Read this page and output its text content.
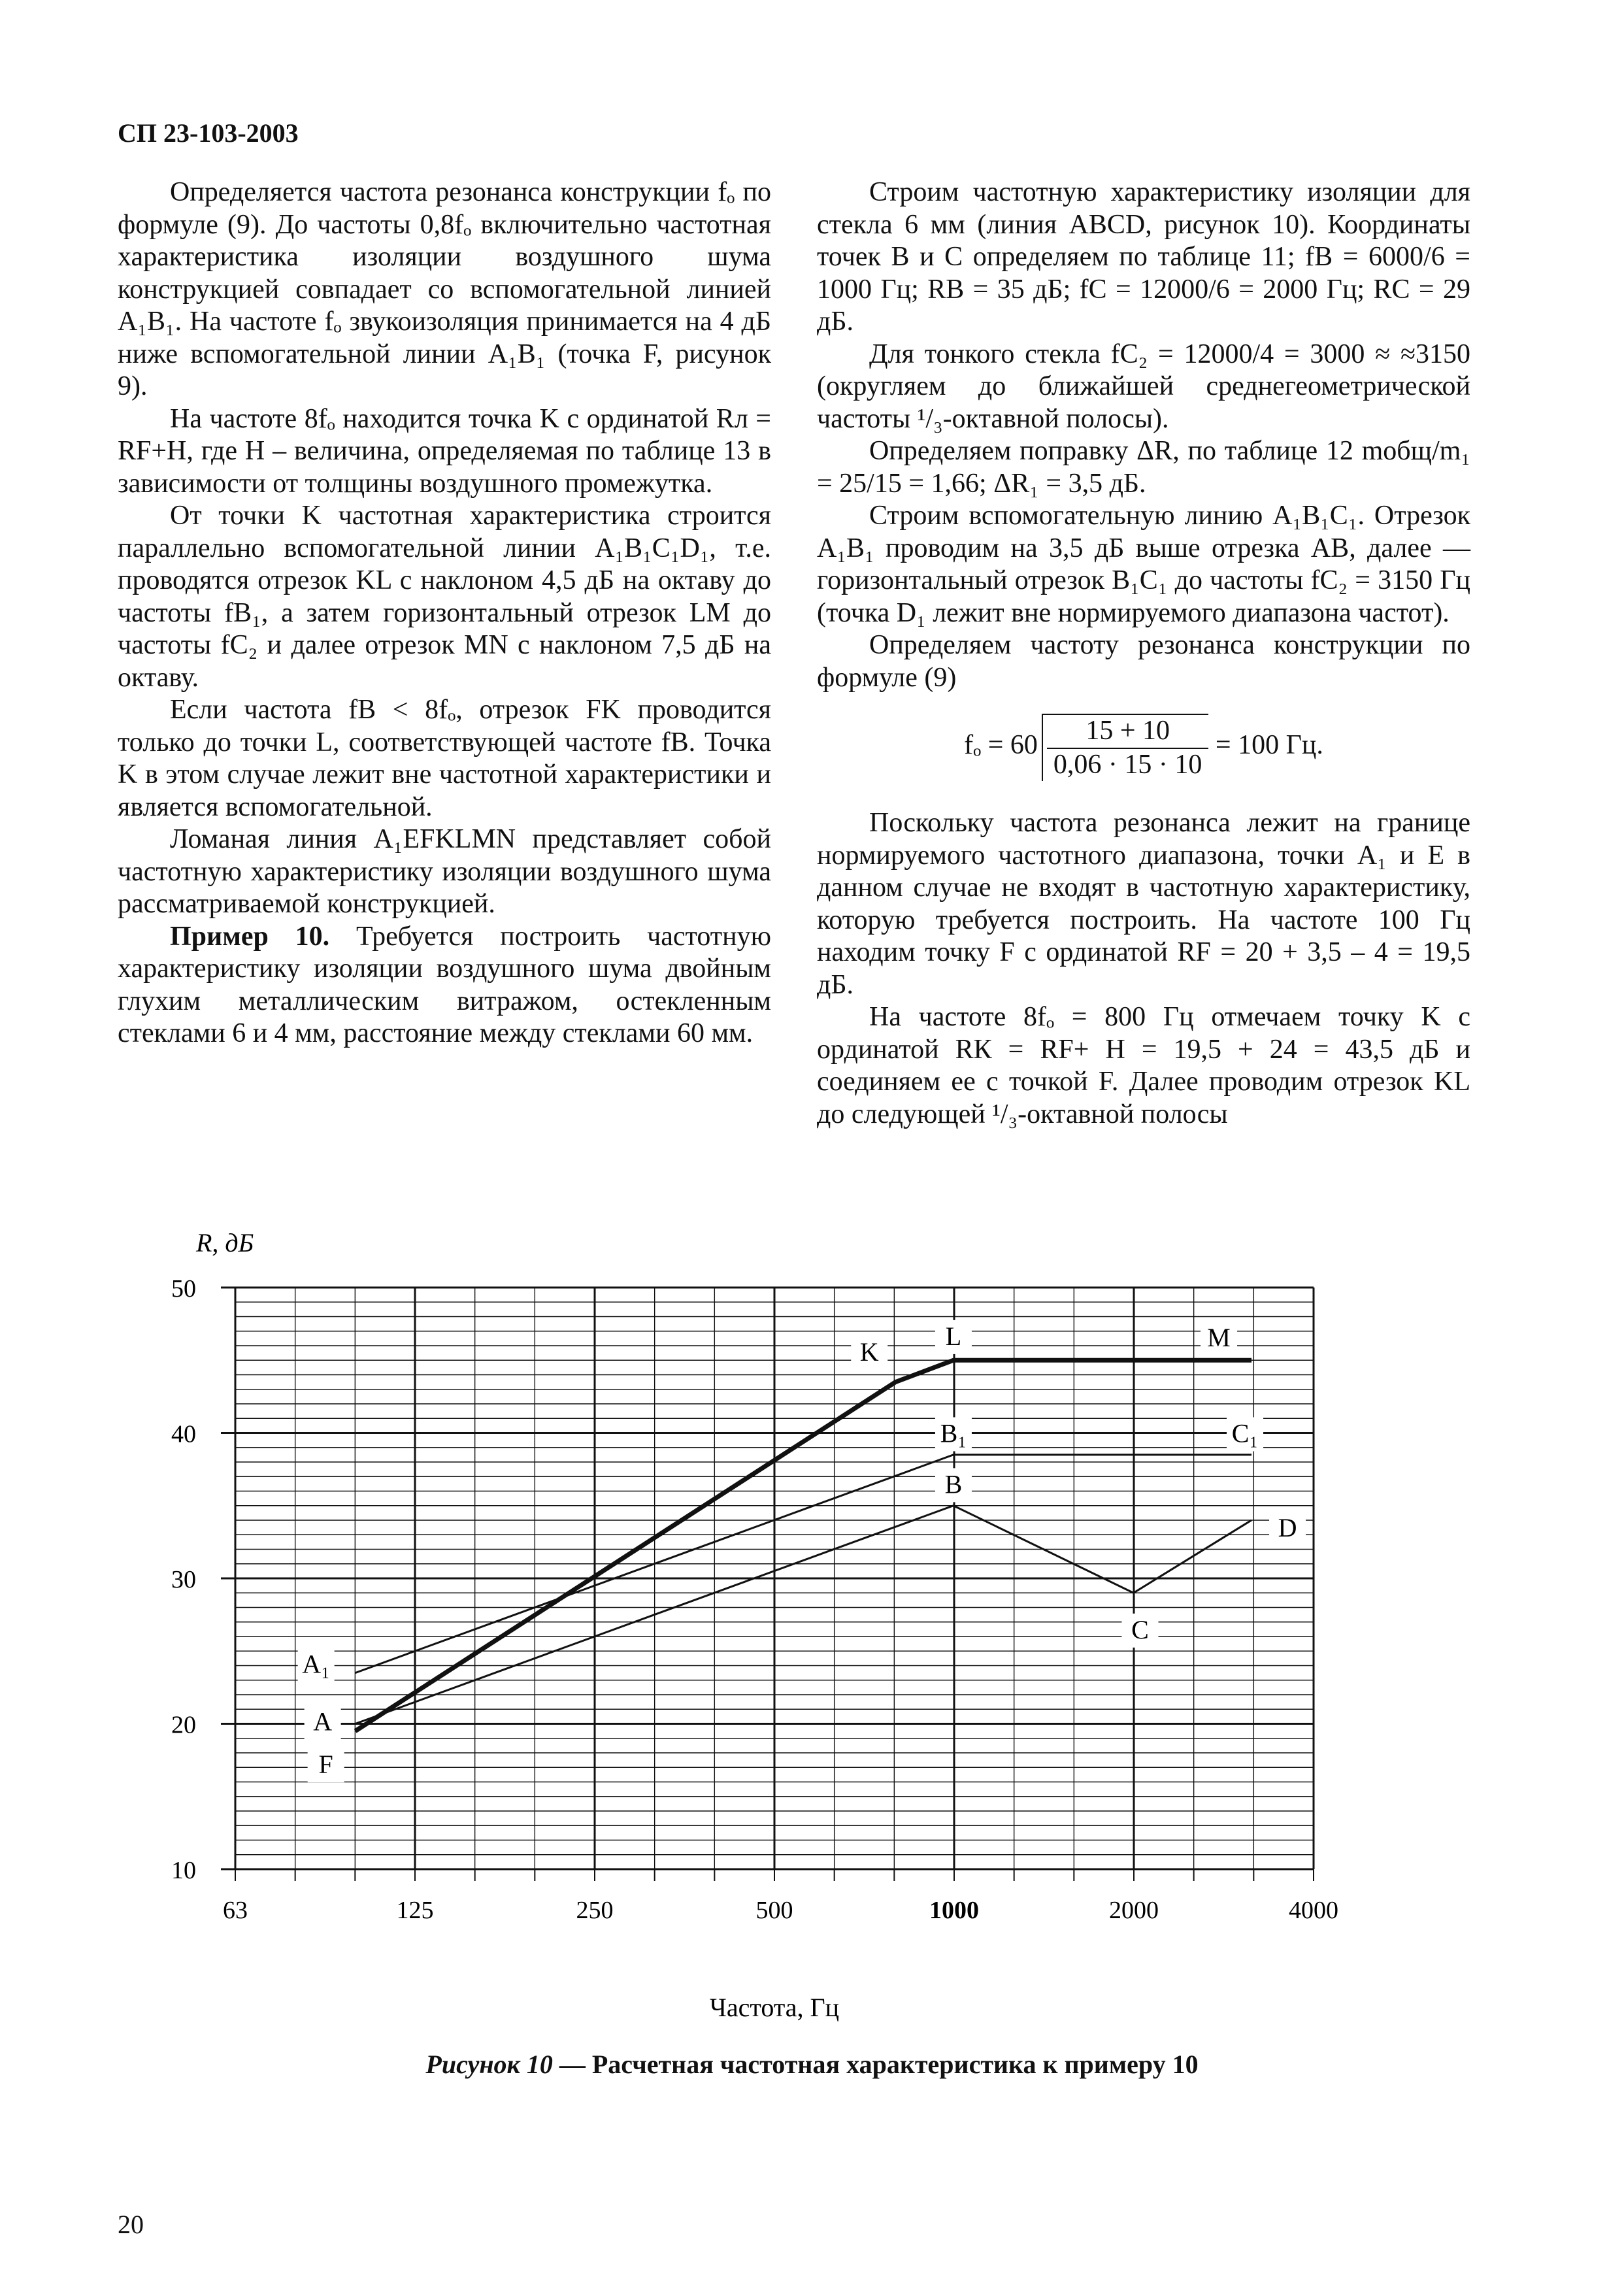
СП 23-103-2003

Определяется частота резонанса конструкции fₒ по формуле (9). До частоты 0,8fₒ включительно частотная характеристика изоляции воздушного шума конструкцией совпадает со вспомогательной линией A₁B₁. На частоте fₒ звукоизоляция принимается на 4 дБ ниже вспомогательной линии A₁B₁ (точка F, рисунок 9).

На частоте 8fₒ находится точка K с ординатой Rл = RF+H, где H – величина, определяемая по таблице 13 в зависимости от толщины воздушного промежутка.

От точки K частотная характеристика строится параллельно вспомогательной линии A₁B₁C₁D₁, т.е. проводятся отрезок KL с наклоном 4,5 дБ на октаву до частоты fB₁, а затем горизонтальный отрезок LM до частоты fC₂ и далее отрезок MN с наклоном 7,5 дБ на октаву.

Если частота fB < 8fₒ, отрезок FK проводится только до точки L, соответствующей частоте fB. Точка K в этом случае лежит вне частотной характеристики и является вспомогательной.

Ломаная линия A₁EFKLMN представляет собой частотную характеристику изоляции воздушного шума рассматриваемой конструкцией.

Пример 10. Требуется построить частотную характеристику изоляции воздушного шума двойным глухим металлическим витражом, остекленным стеклами 6 и 4 мм, расстояние между стеклами 60 мм.

Строим частотную характеристику изоляции для стекла 6 мм (линия ABCD, рисунок 10). Координаты точек B и C определяем по таблице 11; fB = 6000/6 = 1000 Гц; RB = 35 дБ; fC = 12000/6 = 2000 Гц; RC = 29 дБ.

Для тонкого стекла fC₂ = 12000/4 = 3000 ≈ ≈3150 (округляем до ближайшей среднегеометрической частоты ¹/₃-октавной полосы).

Определяем поправку ΔR, по таблице 12 mобщ/m₁ = 25/15 = 1,66; ΔR₁ = 3,5 дБ.

Строим вспомогательную линию A₁B₁C₁. Отрезок A₁B₁ проводим на 3,5 дБ выше отрезка AB, далее — горизонтальный отрезок B₁C₁ до частоты fC₂ = 3150 Гц (точка D₁ лежит вне нормируемого диапазона частот).

Определяем частоту резонанса конструкции по формуле (9)

$f_o = 60 \frac{15 + 10}{0,06 \cdot 15 \cdot 10} = 100$ Гц.

Поскольку частота резонанса лежит на границе нормируемого частотного диапазона, точки A₁ и E в данном случае не входят в частотную характеристику, которую требуется построить. На частоте 100 Гц находим точку F с ординатой RF = 20 + 3,5 – 4 = 19,5 дБ.

На частоте 8fₒ = 800 Гц отмечаем точку K с ординатой RК = RF+ H = 19,5 + 24 = 43,5 дБ и соединяем ее с точкой F. Далее проводим отрезок KL до следующей ¹/₃-октавной полосы

10
20
30
40
50
63	125	250	500	1000	2000	4000
A₁
A
F
K
L	M
B₁	C₁
B
D
C
R, дБ
Частота, Гц
Рисунок 10 — Расчетная частотная характеристика к примеру 10
20
